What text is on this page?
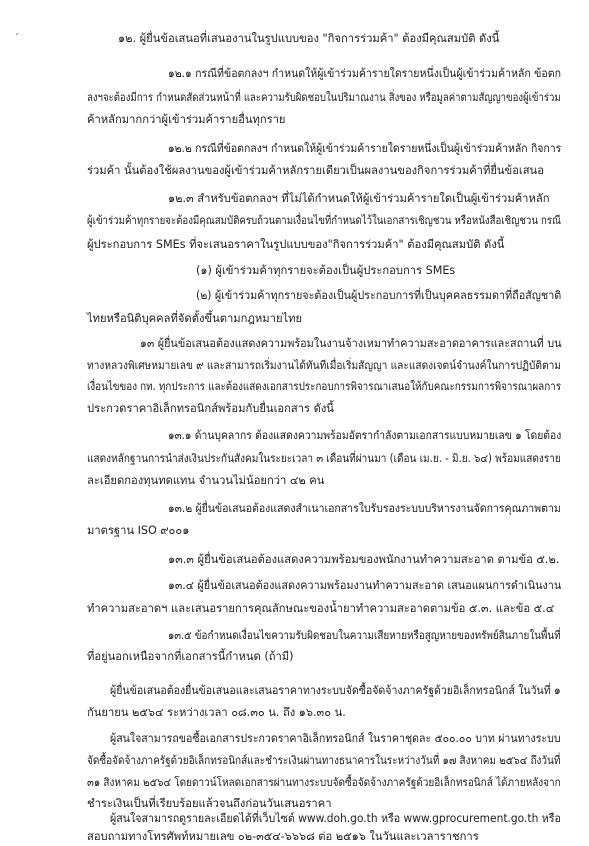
´	๑๒. ผู้ยื่นข้อเสนอที่เสนองานในรูปแบบของ "กิจการร่วมค้า" ต้องมีคุณสมบัติ ดังนี้
๑๒.๑ กรณีที่ข้อตกลงฯ กำหนดให้ผู้เข้าร่วมค้ารายใดรายหนึ่งเป็นผู้เข้าร่วมค้าหลัก ข้อตก
ลงฯจะต้องมีการ กำหนดสัดส่วนหน้าที่ และความรับผิดชอบในปริมาณงาน สิ่งของ หรือมูลค่าตามสัญญาของผู้เข้าร่วม
ค้าหลักมากกว่าผู้เข้าร่วมค้ารายอื่นทุกราย
๑๒.๒ กรณีที่ข้อตกลงฯ กำหนดให้ผู้เข้าร่วมค้ารายใดรายหนึ่งเป็นผู้เข้าร่วมค้าหลัก กิจการ
ร่วมค้า นั้นต้องใช้ผลงานของผู้เข้าร่วมค้าหลักรายเดียวเป็นผลงานของกิจการร่วมค้าที่ยื่นข้อเสนอ
๑๒.๓ สำหรับข้อตกลงฯ ที่ไม่ได้กำหนดให้ผู้เข้าร่วมค้ารายใดเป็นผู้เข้าร่วมค้าหลัก
ผู้เข้าร่วมค้าทุกรายจะต้องมีคุณสมบัติครบถ้วนตามเงื่อนไขที่กำหนดไว้ในเอกสารเชิญชวน หรือหนังสือเชิญชวน กรณี
ผู้ประกอบการ SMEs ที่จะเสนอราคาในรูปแบบของ"กิจการร่วมค้า" ต้องมีคุณสมบัติ ดังนี้
(๑) ผู้เข้าร่วมค้าทุกรายจะต้องเป็นผู้ประกอบการ SMEs
(๒) ผู้เข้าร่วมค้าทุกรายจะต้องเป็นผู้ประกอบการที่เป็นบุคคลธรรมดาที่ถือสัญชาติ
ไทยหรือนิติบุคคลที่จัดตั้งขึ้นตามกฎหมายไทย
๑๓ ผู้ยื่นข้อเสนอต้องแสดงความพร้อมในงานจ้างเหมาทำความสะอาดอาคารและสถานที่ บน
ทางหลวงพิเศษหมายเลข ๙ และสามารถเริ่มงานได้ทันทีเมื่อเริ่มสัญญา และแสดงเจตน์จำนงค์ในการปฏิบัติตาม
เงื่อนไขของ กท. ทุกประการ และต้องแสดงเอกสารประกอบการพิจารณาเสนอให้กับคณะกรรมการพิจารณาผลการ
ประกวดราคาอิเล็กทรอนิกส์พร้อมกับยื่นเอกสาร ดังนี้
๑๓.๑ ด้านบุคลากร ต้องแสดงความพร้อมอัตรากำลังตามเอกสารแบบหมายเลข ๑ โดยต้อง
แสดงหลักฐานการนำส่งเงินประกันสังคมในระยะเวลา ๓ เดือนที่ผ่านมา (เดือน เม.ย. - มิ.ย. ๖๔) พร้อมแสดงราย
ละเอียดกองทุนทดแทน จำนวนไม่น้อยกว่า ๔๒ คน
๑๓.๒ ผู้ยื่นข้อเสนอต้องแสดงสำเนาเอกสารใบรับรองระบบบริหารงานจัดการคุณภาพตาม
มาตรฐาน ISO ๙๐๐๑
๑๓.๓ ผู้ยื่นข้อเสนอต้องแสดงความพร้อมของพนักงานทำความสะอาด ตามข้อ ๕.๒.
๑๓.๔ ผู้ยื่นข้อเสนอต้องแสดงความพร้อมงานทำความสะอาด เสนอแผนการดำเนินงาน
ทำความสะอาดฯ และเสนอรายการคุณลักษณะของน้ำยาทำความสะอาดตามข้อ ๕.๓. และข้อ ๕.๔
๑๓.๕ ข้อกำหนดเงื่อนไขความรับผิดชอบในความเสียหายหรือสูญหายของทรัพย์สินภายในพื้นที่
ที่อยู่นอกเหนือจากที่เอกสารนี้กำหนด (ถ้ามี)
ผู้ยื่นข้อเสนอต้องยื่นข้อเสนอและเสนอราคาทางระบบจัดซื้อจัดจ้างภาครัฐด้วยอิเล็กทรอนิกส์ ในวันที่ ๑
กันยายน ๒๕๖๔ ระหว่างเวลา ๐๘.๓๐ น. ถึง ๑๖.๓๐ น.
ผู้สนใจสามารถขอซื้อเอกสารประกวดราคาอิเล็กทรอนิกส์ ในราคาชุดละ ๕๐๐.๐๐ บาท ผ่านทางระบบ
จัดซื้อจัดจ้างภาครัฐด้วยอิเล็กทรอนิกส์และชำระเงินผ่านทางธนาคารในระหว่างวันที่ ๑๗ สิงหาคม ๒๕๖๔ ถึงวันที่
๓๑ สิงหาคม ๒๕๖๔ โดยดาวน์โหลดเอกสารผ่านทางระบบจัดซื้อจัดจ้างภาครัฐด้วยอิเล็กทรอนิกส์ ได้ภายหลังจาก
ชำระเงินเป็นที่เรียบร้อยแล้วจนถึงก่อนวันเสนอราคา
ผู้สนใจสามารถดูรายละเอียดได้ที่เว็บไซต์ www.doh.go.th หรือ www.gprocurement.go.th หรือ
สอบถามทางโทรศัพท์หมายเลข ๐๒-๓๕๔-๖๖๖๘ ต่อ ๒๕๑๖ ในวันและเวลาราชการ
